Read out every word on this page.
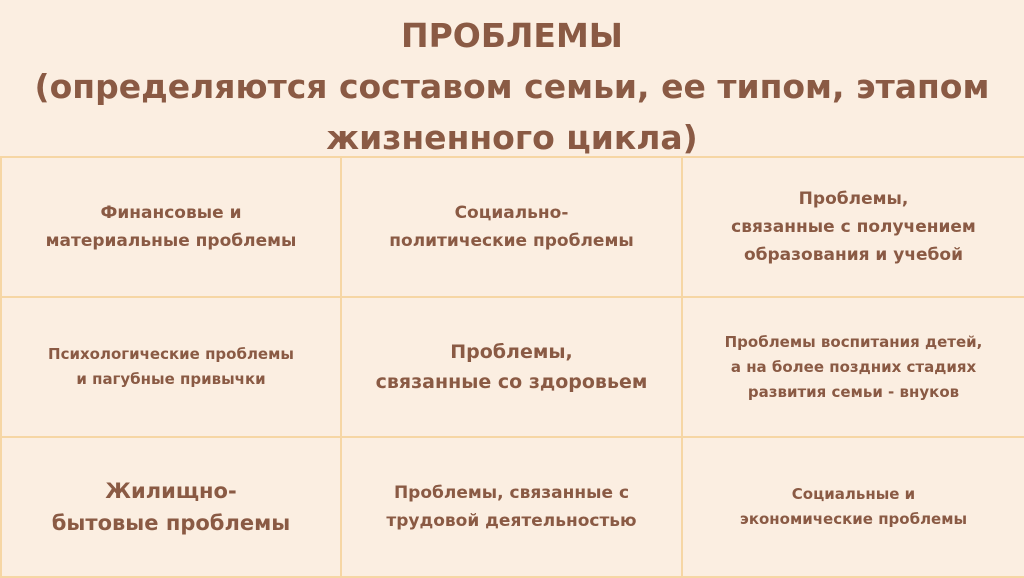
ПРОБЛЕМЫ
(определяются составом семьи, ее типом, этапом
жизненного цикла)
Финансовые и
материальные проблемы
Социально-
политические проблемы
Проблемы,
связанные с получением
образования и учебой
Психологические проблемы
и пагубные привычки
Проблемы,
связанные со здоровьем
Проблемы воспитания детей,
а на более поздних стадиях
развития семьи - внуков
Жилищно-
бытовые проблемы
Проблемы, связанные с
трудовой деятельностью
Социальные и
экономические проблемы
